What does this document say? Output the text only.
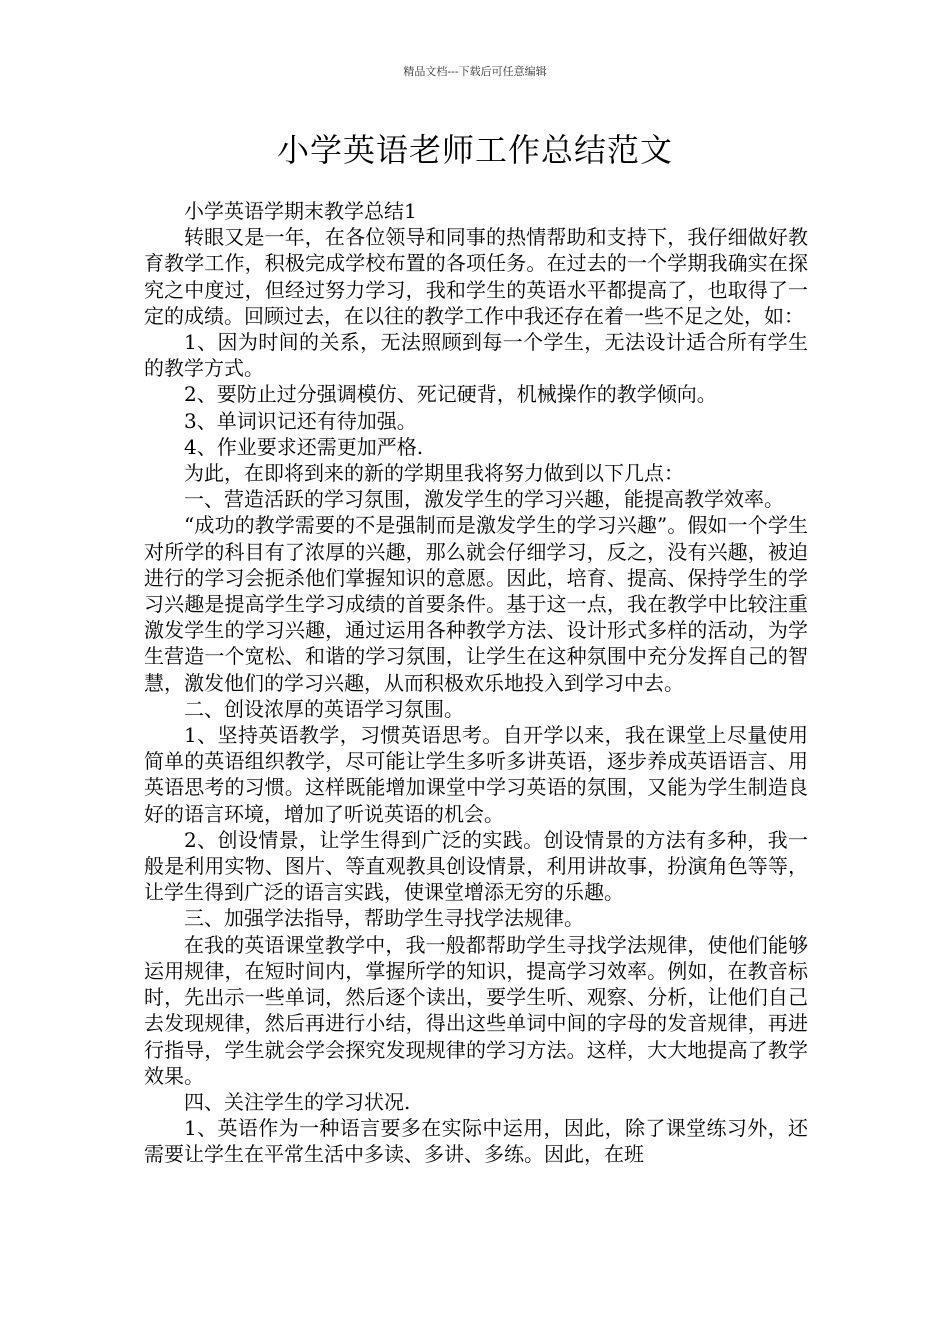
精品文档---下载后可任意编辑
小学英语老师工作总结范文

小学英语学期末教学总结1

转眼又是一年，在各位领导和同事的热情帮助和支持下，我仔细做好教育教学工作，积极完成学校布置的各项任务。在过去的一个学期我确实在探究之中度过，但经过努力学习，我和学生的英语水平都提高了，也取得了一定的成绩。回顾过去，在以往的教学工作中我还存在着一些不足之处，如：

1、因为时间的关系，无法照顾到每一个学生，无法设计适合所有学生的教学方式。

2、要防止过分强调模仿、死记硬背，机械操作的教学倾向。

3、单词识记还有待加强。

4、作业要求还需更加严格.

为此，在即将到来的新的学期里我将努力做到以下几点：

一、营造活跃的学习氛围，激发学生的学习兴趣，能提高教学效率。

“成功的教学需要的不是强制而是激发学生的学习兴趣”。假如一个学生对所学的科目有了浓厚的兴趣，那么就会仔细学习，反之，没有兴趣，被迫进行的学习会扼杀他们掌握知识的意愿。因此，培育、提高、保持学生的学习兴趣是提高学生学习成绩的首要条件。基于这一点，我在教学中比较注重激发学生的学习兴趣，通过运用各种教学方法、设计形式多样的活动，为学生营造一个宽松、和谐的学习氛围，让学生在这种氛围中充分发挥自己的智慧，激发他们的学习兴趣，从而积极欢乐地投入到学习中去。

二、创设浓厚的英语学习氛围。

1、坚持英语教学，习惯英语思考。自开学以来，我在课堂上尽量使用简单的英语组织教学，尽可能让学生多听多讲英语，逐步养成英语语言、用英语思考的习惯。这样既能增加课堂中学习英语的氛围，又能为学生制造良好的语言环境，增加了听说英语的机会。

2、创设情景，让学生得到广泛的实践。创设情景的方法有多种，我一般是利用实物、图片、等直观教具创设情景，利用讲故事，扮演角色等等，让学生得到广泛的语言实践，使课堂增添无穷的乐趣。

三、加强学法指导，帮助学生寻找学法规律。

在我的英语课堂教学中，我一般都帮助学生寻找学法规律，使他们能够运用规律，在短时间内，掌握所学的知识，提高学习效率。例如，在教音标时，先出示一些单词，然后逐个读出，要学生听、观察、分析，让他们自己去发现规律，然后再进行小结，得出这些单词中间的字母的发音规律，再进行指导，学生就会学会探究发现规律的学习方法。这样，大大地提高了教学效果。

四、关注学生的学习状况.

1、英语作为一种语言要多在实际中运用，因此，除了课堂练习外，还需要让学生在平常生活中多读、多讲、多练。因此，在班
